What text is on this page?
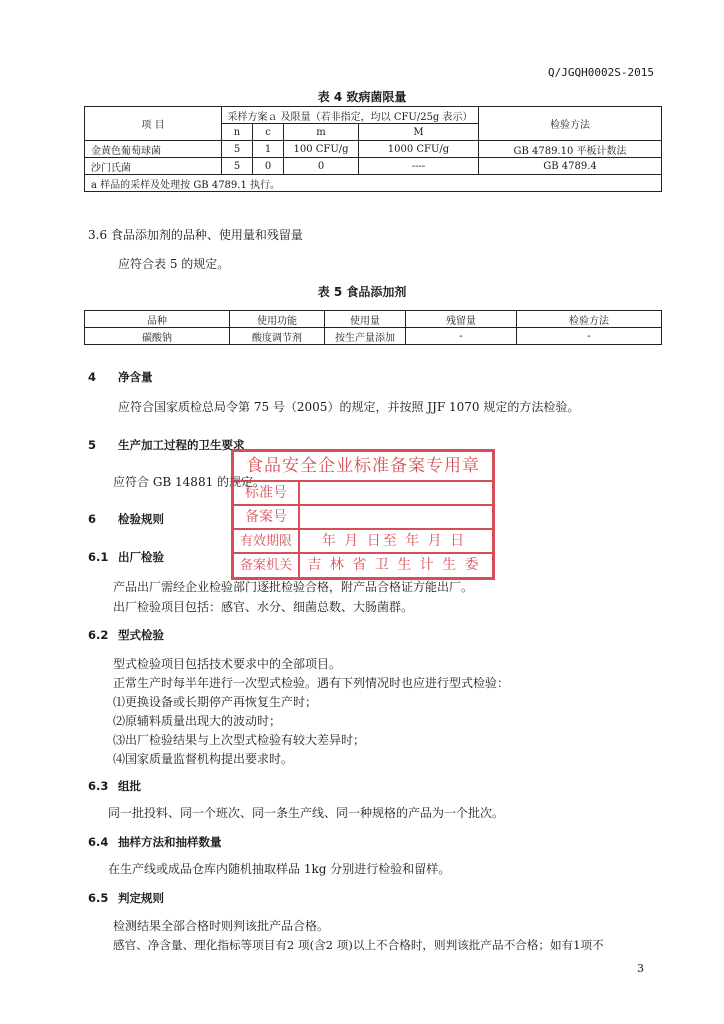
Q/JGQH0002S-2015
表 4 致病菌限量
项 目	采样方案ａ 及限量（若非指定，均以 CFU/25g 表示）				检验方法
	n	c	m	M	
金黄色葡萄球菌	5	1	100 CFU/g	1000 CFU/g	GB 4789.10 平板计数法
沙门氏菌	5	0	0	----	GB 4789.4
a 样品的采样及处理按 GB 4789.1 执行。					
3.6 食品添加剂的品种、使用量和残留量
应符合表 5 的规定。
表 5 食品添加剂
品种	使用功能	使用量	残留量	检验方法
碳酸钠	酸度调节剂	按生产量添加	-	-
4 净含量
应符合国家质检总局令第 75 号（2005）的规定，并按照 JJF 1070 规定的方法检验。
5 生产加工过程的卫生要求
应符合 GB 14881 的规定。
6 检验规则
6.1 出厂检验
产品出厂需经企业检验部门逐批检验合格，附产品合格证方能出厂。
出厂检验项目包括：感官、水分、细菌总数、大肠菌群。
6.2 型式检验
型式检验项目包括技术要求中的全部项目。
正常生产时每半年进行一次型式检验。遇有下列情况时也应进行型式检验：
⑴更换设备或长期停产再恢复生产时；
⑵原辅料质量出现大的波动时；
⑶出厂检验结果与上次型式检验有较大差异时；
⑷国家质量监督机构提出要求时。
6.3 组批
同一批投料、同一个班次、同一条生产线、同一种规格的产品为一个批次。
6.4 抽样方法和抽样数量
在生产线或成品仓库内随机抽取样品 1kg 分别进行检验和留样。
6.5 判定规则
检测结果全部合格时则判该批产品合格。
感官、净含量、理化指标等项目有2 项(含2 项)以上不合格时，则判该批产品不合格；如有1项不
食品安全企业标准备案专用章
标准号
备案号
有效期限	年 月 日至 年 月 日
备案机关	吉 林 省 卫 生 计 生 委
3
